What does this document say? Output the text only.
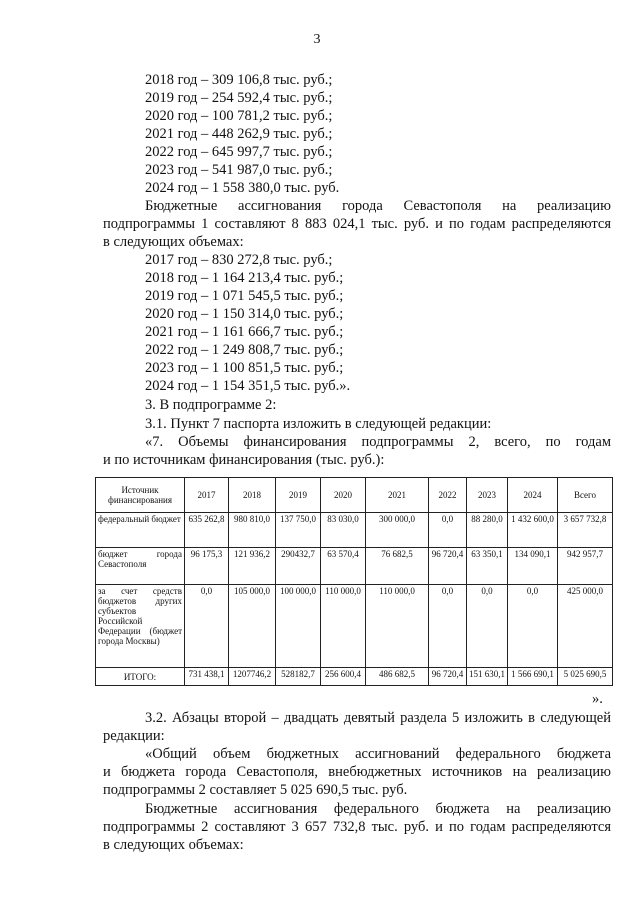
3
2018 год – 309 106,8 тыс. руб.;
2019 год – 254 592,4 тыс. руб.;
2020 год – 100 781,2 тыс. руб.;
2021 год – 448 262,9 тыс. руб.;
2022 год – 645 997,7 тыс. руб.;
2023 год – 541 987,0 тыс. руб.;
2024 год – 1 558 380,0 тыс. руб.
Бюджетные ассигнования города Севастополя на реализацию
подпрограммы 1 составляют 8 883 024,1 тыс. руб. и по годам распределяются
в следующих объемах:
2017 год – 830 272,8 тыс. руб.;
2018 год – 1 164 213,4 тыс. руб.;
2019 год – 1 071 545,5 тыс. руб.;
2020 год – 1 150 314,0 тыс. руб.;
2021 год – 1 161 666,7 тыс. руб.;
2022 год – 1 249 808,7 тыс. руб.;
2023 год – 1 100 851,5 тыс. руб.;
2024 год – 1 154 351,5 тыс. руб.».
3. В подпрограмме 2:
3.1. Пункт 7 паспорта изложить в следующей редакции:
«7. Объемы финансирования подпрограммы 2, всего, по годам
и по источникам финансирования (тыс. руб.):
Источник финансирования	2017	2018	2019	2020	2021	2022	2023	2024	Всего
федеральный бюджет	635 262,8	980 810,0	137 750,0	83 030,0	300 000,0	0,0	88 280,0	1 432 600,0	3 657 732,8
бюджет города Севастополя	96 175,3	121 936,2	290432,7	63 570,4	76 682,5	96 720,4	63 350,1	134 090,1	942 957,7
за счет средств бюджетов других субъектов Российской Федерации (бюджет города Москвы)	0,0	105 000,0	100 000,0	110 000,0	110 000,0	0,0	0,0	0,0	425 000,0
ИТОГО:	731 438,1	1207746,2	528182,7	256 600,4	486 682,5	96 720,4	151 630,1	1 566 690,1	5 025 690,5
».
3.2. Абзацы второй – двадцать девятый раздела 5 изложить в следующей
редакции:
«Общий объем бюджетных ассигнований федерального бюджета
и бюджета города Севастополя, внебюджетных источников на реализацию
подпрограммы 2 составляет 5 025 690,5 тыс. руб.
Бюджетные ассигнования федерального бюджета на реализацию
подпрограммы 2 составляют 3 657 732,8 тыс. руб. и по годам распределяются
в следующих объемах:
